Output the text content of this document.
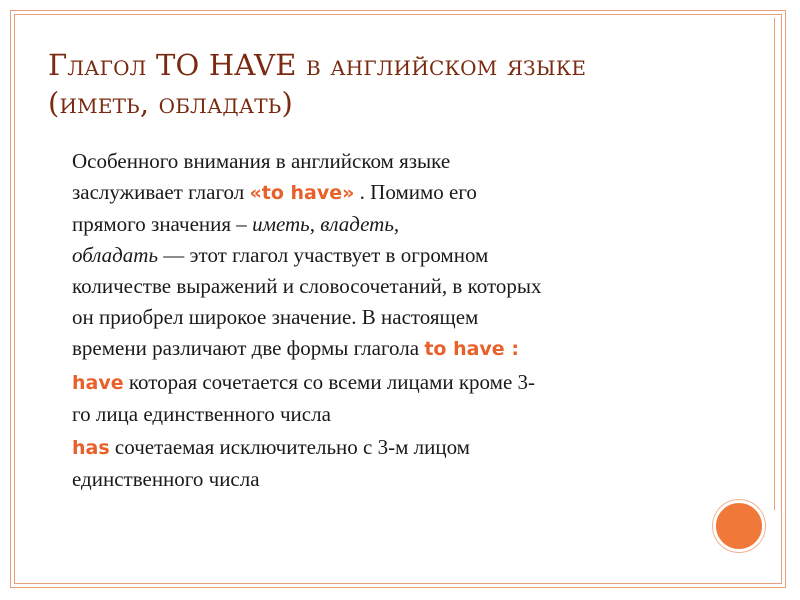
Глагол TO HAVE в английском языке
(иметь, обладать)
Особенного внимания в английском языке
заслуживает глагол «to have» . Помимо его
прямого значения – иметь, владеть,
обладать — этот глагол участвует в огромном
количестве выражений и словосочетаний, в которых
он приобрел широкое значение. В настоящем
времени различают две формы глагола to have :
have которая сочетается со всеми лицами кроме 3-
го лица единственного числа
has сочетаемая исключительно с 3-м лицом
единственного числа
